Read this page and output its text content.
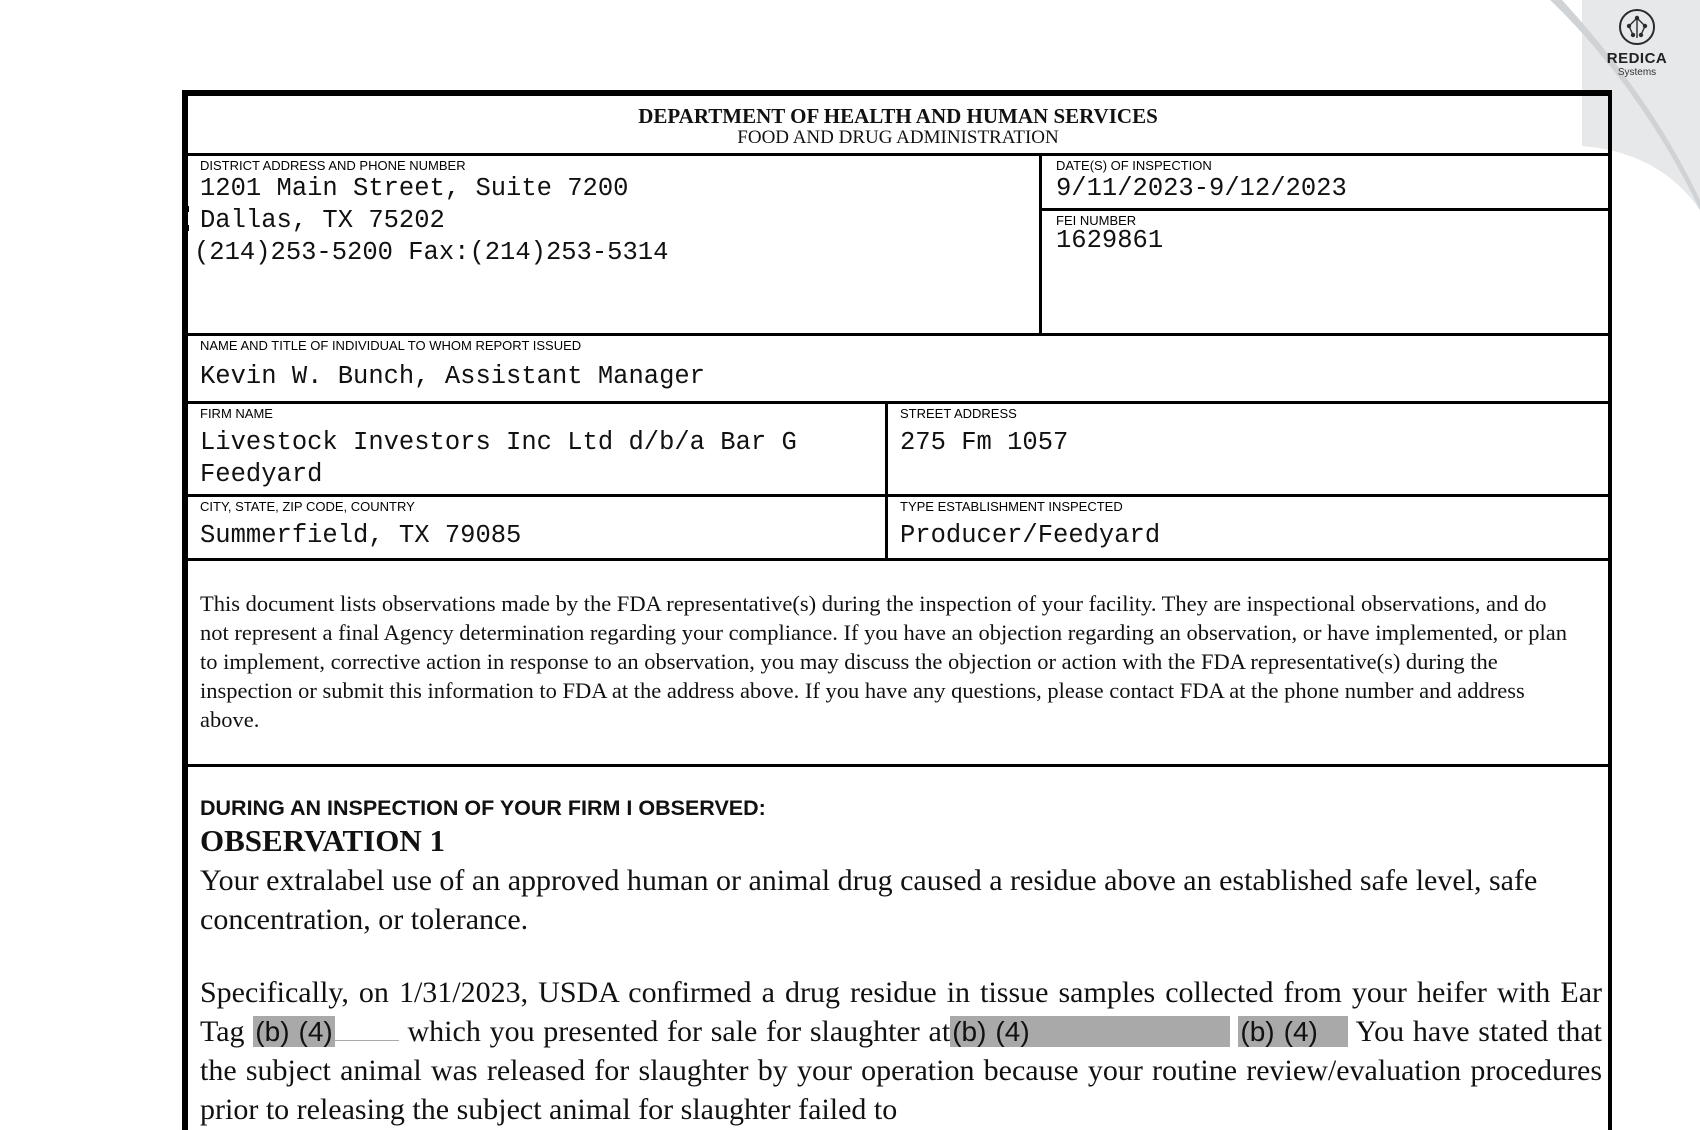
REDICA
Systems
DEPARTMENT OF HEALTH AND HUMAN SERVICES
FOOD AND DRUG ADMINISTRATION
DISTRICT ADDRESS AND PHONE NUMBER
1201 Main Street, Suite 7200
Dallas, TX 75202
(214)253-5200 Fax:(214)253-5314
DATE(S) OF INSPECTION
9/11/2023-9/12/2023
FEI NUMBER
1629861
NAME AND TITLE OF INDIVIDUAL TO WHOM REPORT ISSUED
Kevin W. Bunch, Assistant Manager
FIRM NAME
Livestock Investors Inc Ltd d/b/a Bar G Feedyard
STREET ADDRESS
275 Fm 1057
CITY, STATE, ZIP CODE, COUNTRY
Summerfield, TX 79085
TYPE ESTABLISHMENT INSPECTED
Producer/Feedyard

This document lists observations made by the FDA representative(s) during the inspection of your facility. They are inspectional observations, and do not represent a final Agency determination regarding your compliance. If you have an objection regarding an observation, or have implemented, or plan to implement, corrective action in response to an observation, you may discuss the objection or action with the FDA representative(s) during the inspection or submit this information to FDA at the address above. If you have any questions, please contact FDA at the phone number and address above.

DURING AN INSPECTION OF YOUR FIRM I OBSERVED:
OBSERVATION 1
Your extralabel use of an approved human or animal drug caused a residue above an established safe level, safe concentration, or tolerance.
Specifically, on 1/31/2023, USDA confirmed a drug residue in tissue samples collected from your heifer with Ear Tag (b) (4) which you presented for sale for slaughter at(b) (4)	(b) (4) You have stated that the subject animal was released for slaughter by your operation because your routine review/evaluation procedures prior to releasing the subject animal for slaughter failed to
